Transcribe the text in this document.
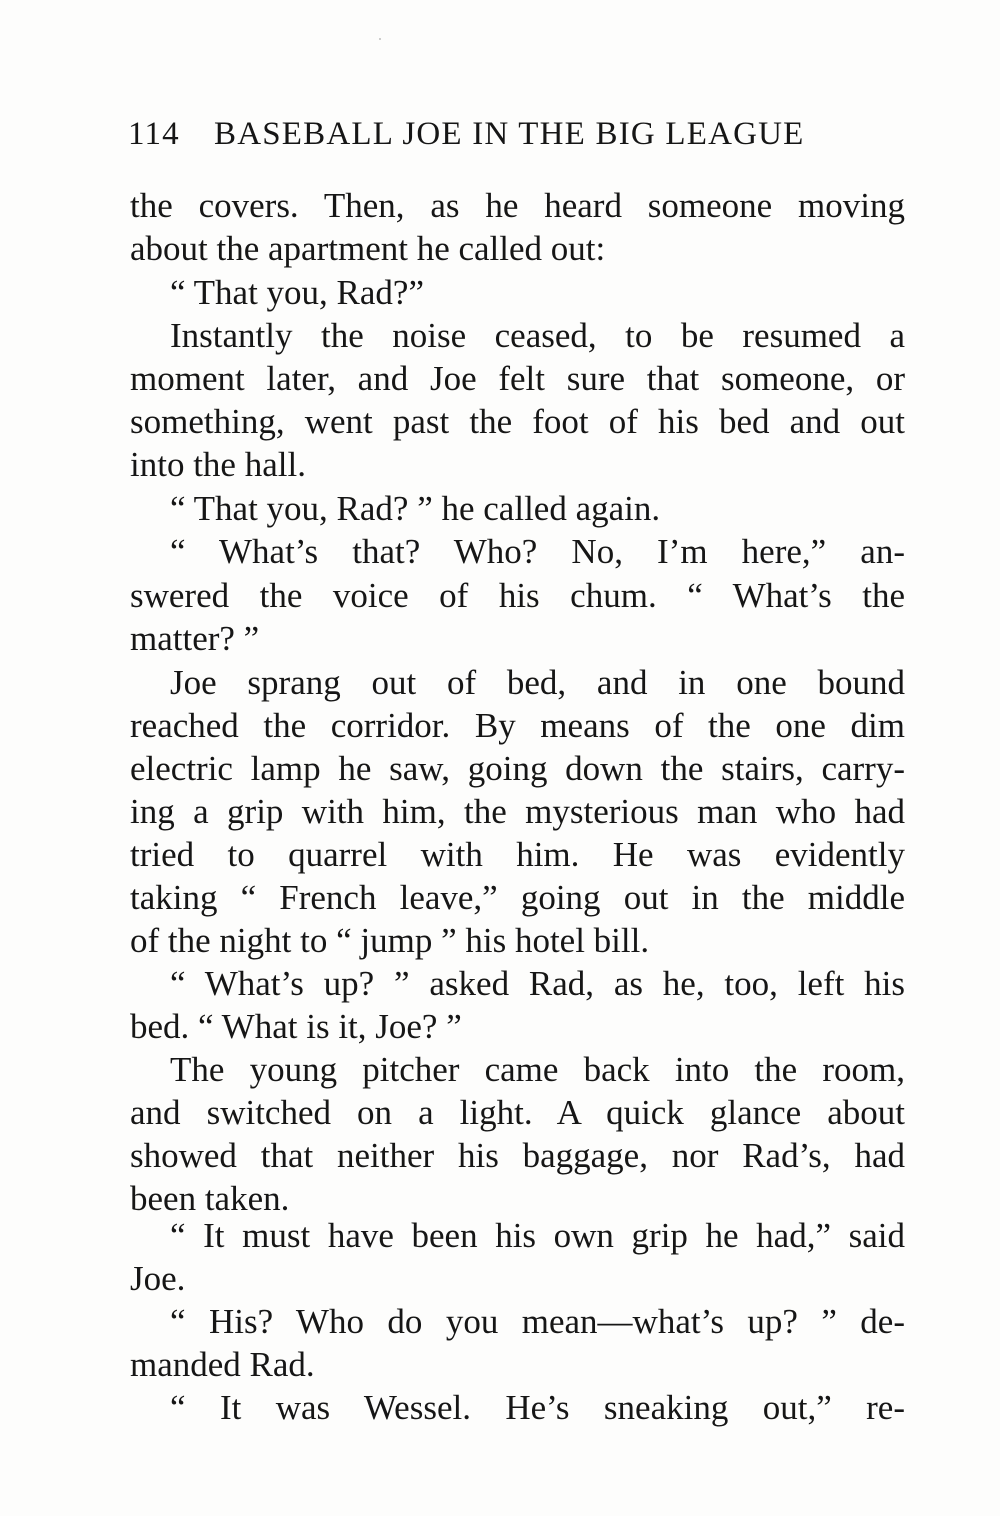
114 BASEBALL JOE IN THE BIG LEAGUE
the covers. Then, as he heard someone moving
about the apartment he called out:
“ That you, Rad?”
Instantly the noise ceased, to be resumed a
moment later, and Joe felt sure that someone, or
something, went past the foot of his bed and out
into the hall.
“ That you, Rad? ” he called again.
“ What’s that? Who? No, I’m here,” an-
swered the voice of his chum. “ What’s the
matter? ”
Joe sprang out of bed, and in one bound
reached the corridor. By means of the one dim
electric lamp he saw, going down the stairs, carry-
ing a grip with him, the mysterious man who had
tried to quarrel with him. He was evidently
taking “ French leave,” going out in the middle
of the night to “ jump ” his hotel bill.
“ What’s up? ” asked Rad, as he, too, left his
bed. “ What is it, Joe? ”
The young pitcher came back into the room,
and switched on a light. A quick glance about
showed that neither his baggage, nor Rad’s, had
been taken.
“ It must have been his own grip he had,” said
Joe.
“ His? Who do you mean—what’s up? ” de-
manded Rad.
“ It was Wessel. He’s sneaking out,” re-
